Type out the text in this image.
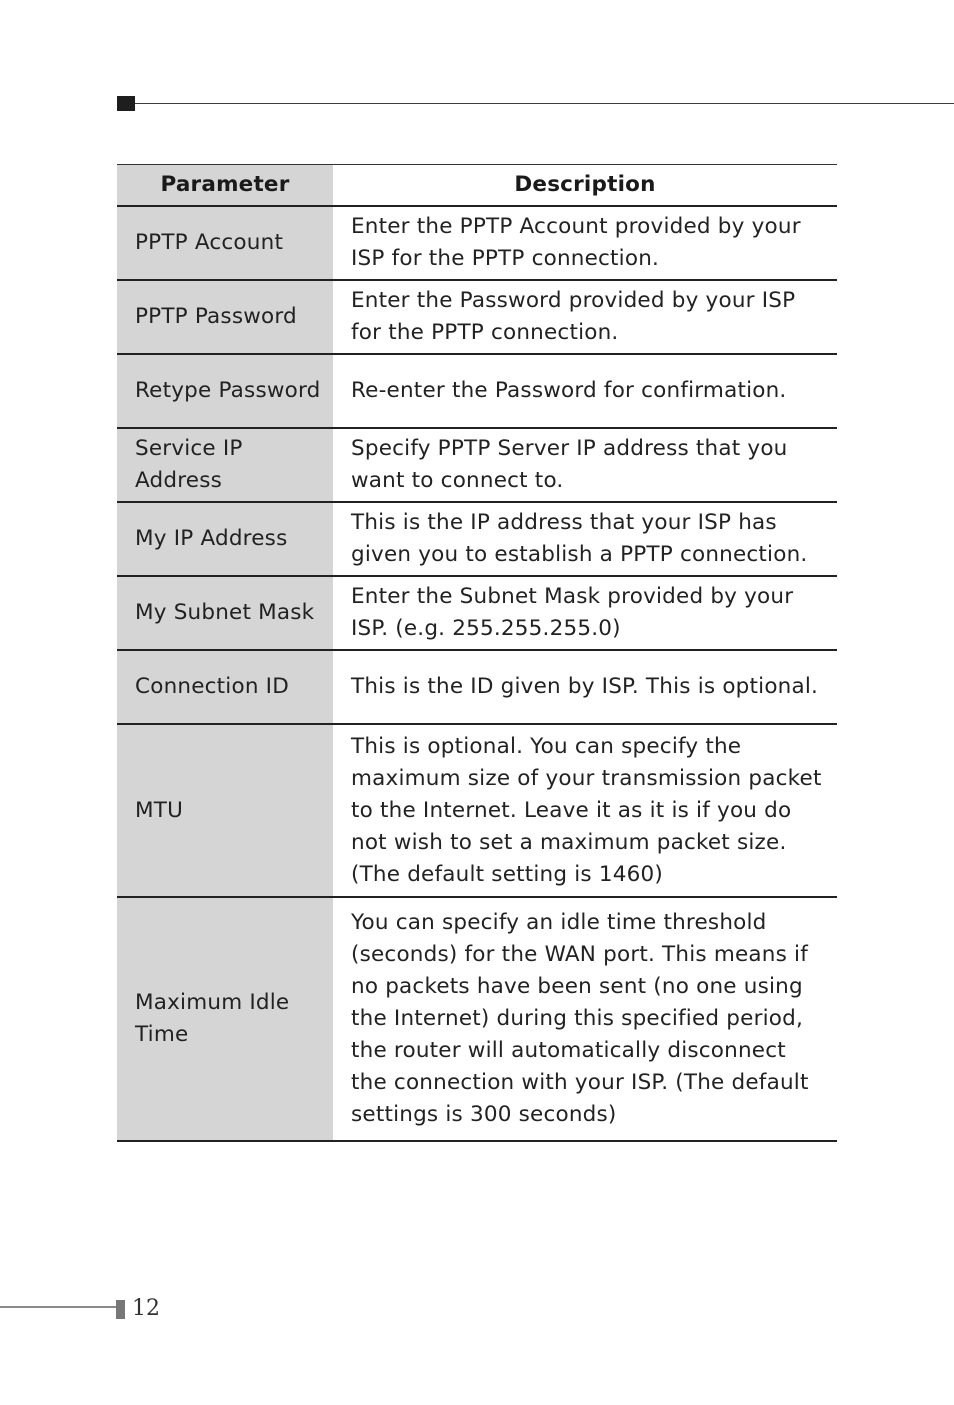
Parameter	Description
PPTP Account	Enter the PPTP Account provided by your ISP for the PPTP connection.
PPTP Password	Enter the Password provided by your ISP for the PPTP connection.
Retype Password	Re-enter the Password for confirmation.
Service IP Address	Specify PPTP Server IP address that you want to connect to.
My IP Address	This is the IP address that your ISP has given you to establish a PPTP connection.
My Subnet Mask	Enter the Subnet Mask provided by your ISP. (e.g. 255.255.255.0)
Connection ID	This is the ID given by ISP. This is optional.
MTU	This is optional. You can specify the maximum size of your transmission packet to the Internet. Leave it as it is if you do not wish to set a maximum packet size. (The default setting is 1460)
Maximum Idle Time	You can specify an idle time threshold (seconds) for the WAN port. This means if no packets have been sent (no one using the Internet) during this specified period, the router will automatically disconnect the connection with your ISP. (The default settings is 300 seconds)
12
